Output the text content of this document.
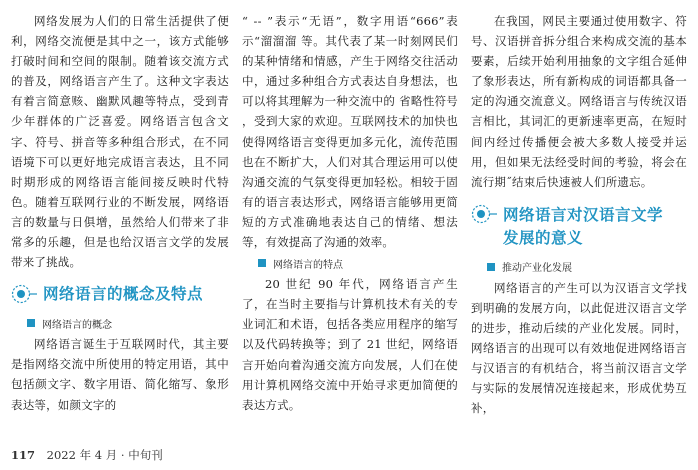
网络发展为人们的日常生活提供了便利，网络交流便是其中之一，该方式能够打破时间和空间的限制。随着该交流方式的普及，网络语言产生了。这种文字表达有着言简意赅、幽默风趣等特点，受到青少年群体的广泛喜爱。网络语言包含文字、符号、拼音等多种组合形式，在不同语境下可以更好地完成语言表达，且不同时期形成的网络语言能间接反映时代特色。随着互联网行业的不断发展，网络语言的数量与日俱增，虽然给人们带来了非常多的乐趣，但是也给汉语言文学的发展带来了挑战。

网络语言的概念及特点
网络语言的概念

网络语言诞生于互联网时代，其主要是指网络交流中所使用的特定用语，其中包括颜文字、数字用语、简化缩写、象形表达等，如颜文字的

“ -- ”表示“无语”，数字用语“666”表示“溜溜溜 等。其代表了某一时刻网民们的某种情绪和情感，产生于网络交往活动中，通过多种组合方式表达自身想法，也可以将其理解为一种交流中的 省略性符号 ，受到大家的欢迎。互联网技术的加快也使得网络语言变得更加多元化，流传范围也在不断扩大，人们对其合理运用可以使沟通交流的气氛变得更加轻松。相较于固有的语言表达形式，网络语言能够用更简短的方式准确地表达自己的情绪、想法等，有效提高了沟通的效率。

网络语言的特点

20 世纪 90 年代，网络语言产生了，在当时主要指与计算机技术有关的专业词汇和术语，包括各类应用程序的缩写以及代码转换等；到了 21 世纪，网络语言开始向着沟通交流方向发展，人们在使用计算机网络交流中开始寻求更加简便的表达方式。

在我国，网民主要通过使用数字、符号、汉语拼音拆分组合来构成交流的基本要素，后续开始利用抽象的文字组合延伸了象形表达，所有新构成的词语都具备一定的沟通交流意义。网络语言与传统汉语言相比，其词汇的更新速率更高，在短时间内经过传播便会被大多数人接受并运用，但如果无法经受时间的考验，将会在 流行期˝结束后快速被人们所遗忘。

网络语言对汉语言文学
发展的意义
推动产业化发展

网络语言的产生可以为汉语言文学找到明确的发展方向，以此促进汉语言文学的进步，推动后续的产业化发展。同时，网络语言的出现可以有效地促进网络语言与汉语言的有机结合，将当前汉语言文学与实际的发展情况连接起来，形成优势互补，

117 2022 年 4 月 · 中旬刊
